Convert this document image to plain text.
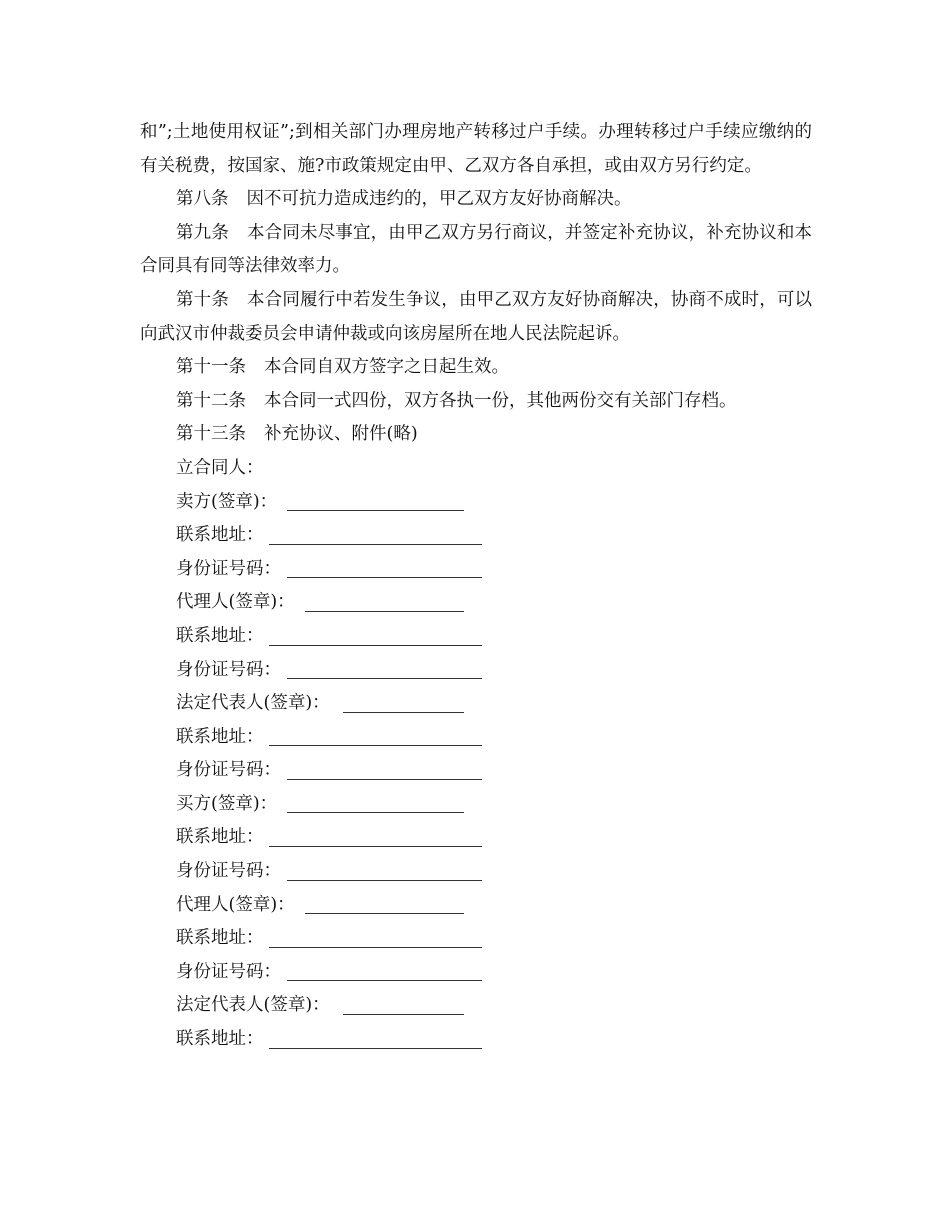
和”;土地使用权证”;到相关部门办理房地产转移过户手续。办理转移过户手续应缴纳的有关税费，按国家、施?市政策规定由甲、乙双方各自承担，或由双方另行约定。

第八条 因不可抗力造成违约的，甲乙双方友好协商解决。

第九条 本合同未尽事宜，由甲乙双方另行商议，并签定补充协议，补充协议和本合同具有同等法律效率力。

第十条 本合同履行中若发生争议，由甲乙双方友好协商解决，协商不成时，可以向武汉市仲裁委员会申请仲裁或向该房屋所在地人民法院起诉。

第十一条 本合同自双方签字之日起生效。

第十二条 本合同一式四份，双方各执一份，其他两份交有关部门存档。

第十三条 补充协议、附件(略)

立合同人：
卖方(签章)：
联系地址：
身份证号码：
代理人(签章)：
联系地址：
身份证号码：
法定代表人(签章)：
联系地址：
身份证号码：
买方(签章)：
联系地址：
身份证号码：
代理人(签章)：
联系地址：
身份证号码：
法定代表人(签章)：
联系地址：
